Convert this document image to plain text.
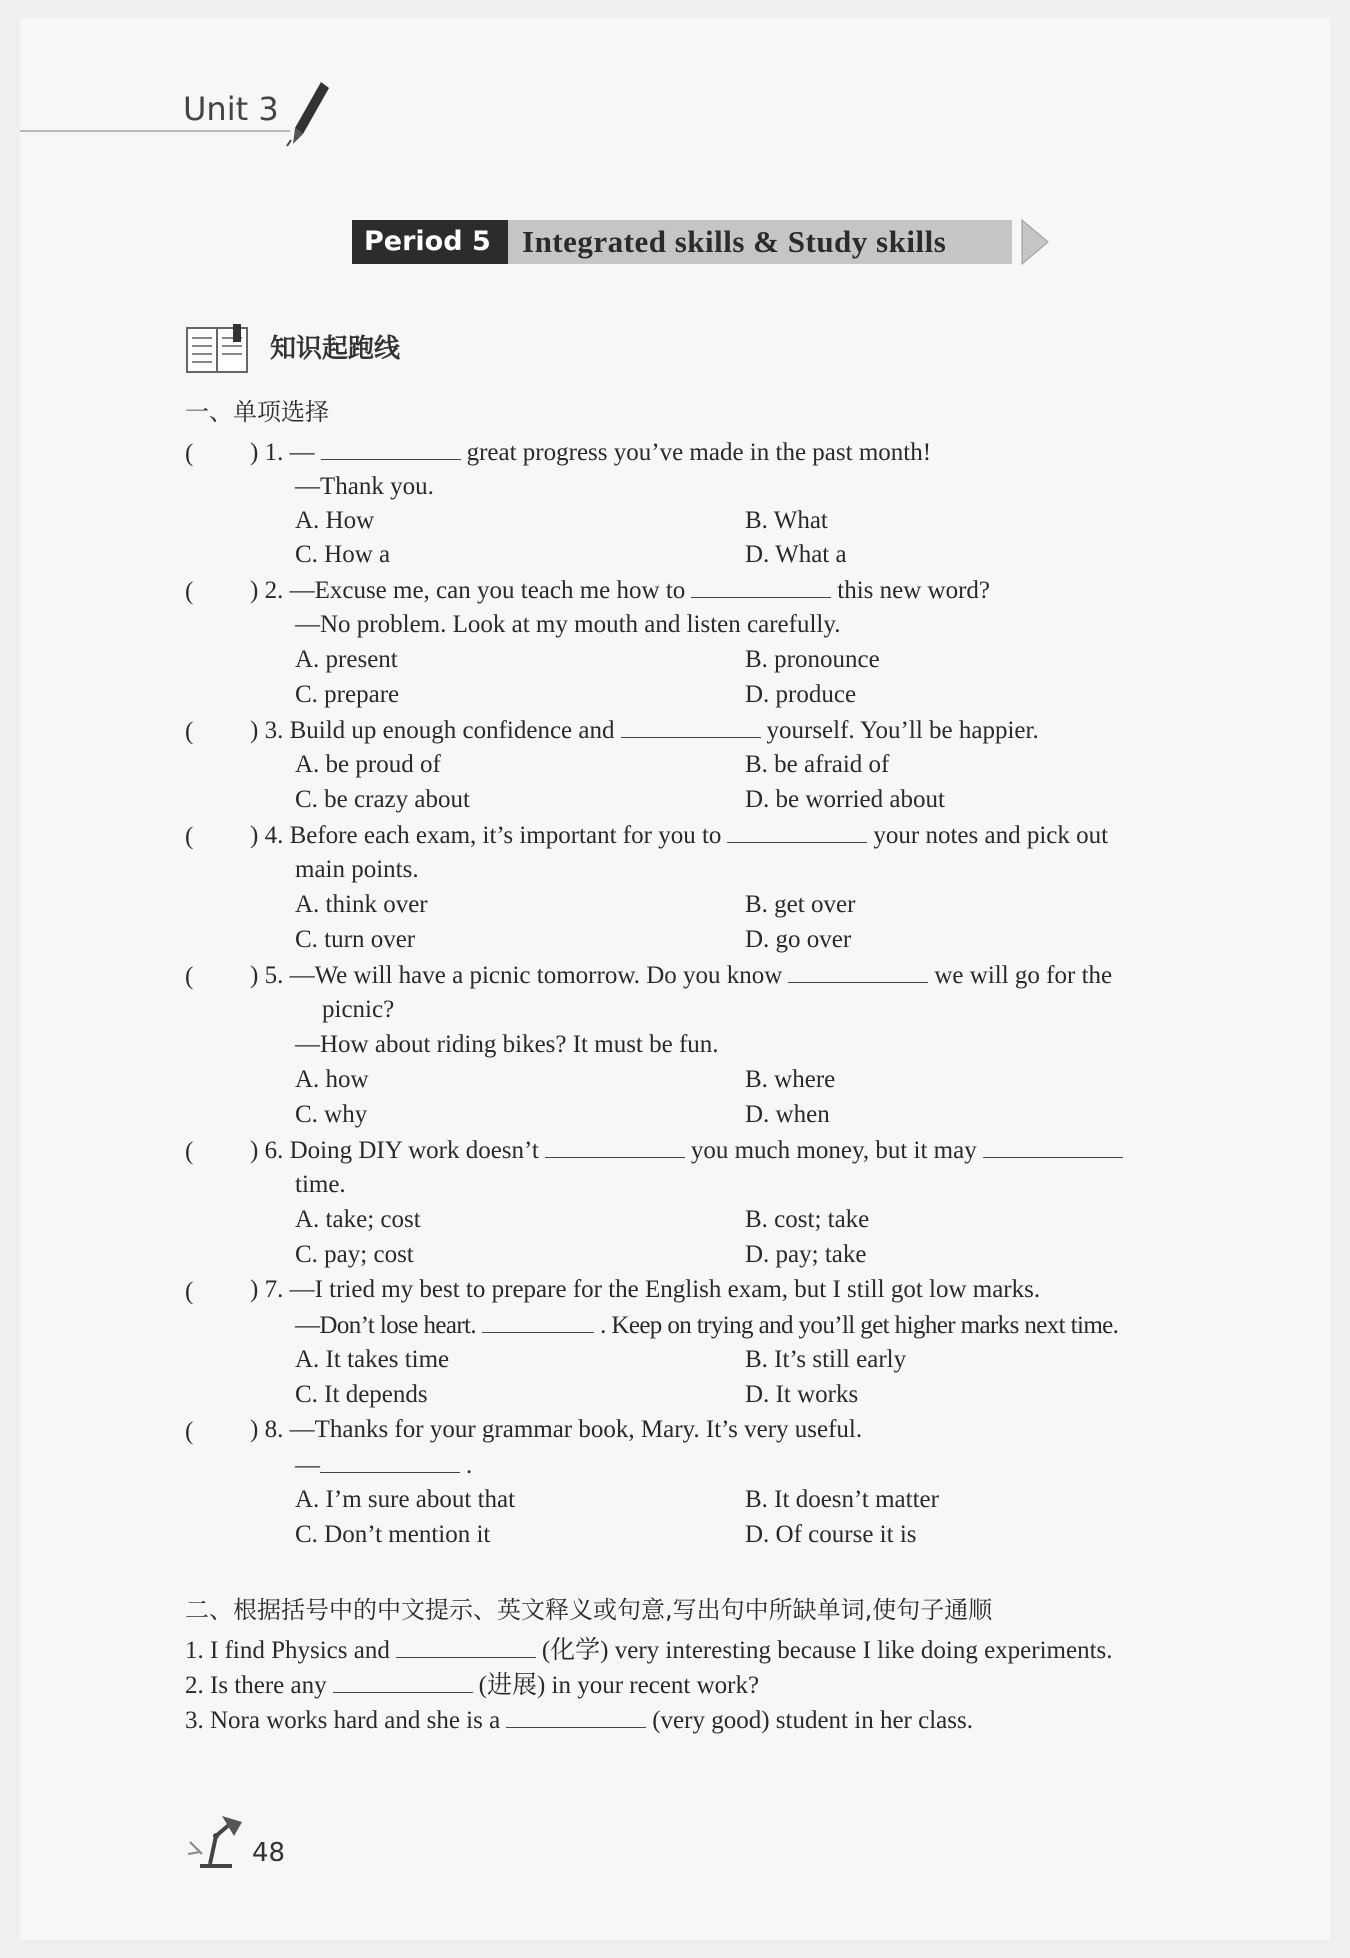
Unit 3
Period 5	Integrated skills & Study skills
知识起跑线
一、单项选择
( ) 1. —	great progress you’ve made in the past month!
—Thank you.
A. How	B. What
C. How a	D. What a
( ) 2. —Excuse me, can you teach me how to	this new word?
—No problem. Look at my mouth and listen carefully.
A. present	B. pronounce
C. prepare	D. produce
( ) 3. Build up enough confidence and	yourself. You’ll be happier.
A. be proud of	B. be afraid of
C. be crazy about	D. be worried about
( ) 4. Before each exam, it’s important for you to	your notes and pick out
main points.
A. think over	B. get over
C. turn over	D. go over
( ) 5. —We will have a picnic tomorrow. Do you know	we will go for the
picnic?
—How about riding bikes? It must be fun.
A. how	B. where
C. why	D. when
( ) 6. Doing DIY work doesn’t	you much money, but it may
time.
A. take; cost	B. cost; take
C. pay; cost	D. pay; take
( ) 7. —I tried my best to prepare for the English exam, but I still got low marks.
—Don’t lose heart.	. Keep on trying and you’ll get higher marks next time.
A. It takes time	B. It’s still early
C. It depends	D. It works
( ) 8. —Thanks for your grammar book, Mary. It’s very useful.
—	.
A. I’m sure about that	B. It doesn’t matter
C. Don’t mention it	D. Of course it is
二、根据括号中的中文提示、英文释义或句意,写出句中所缺单词,使句子通顺
1. I find Physics and	(化学) very interesting because I like doing experiments.
2. Is there any	(进展) in your recent work?
3. Nora works hard and she is a	(very good) student in her class.
48
